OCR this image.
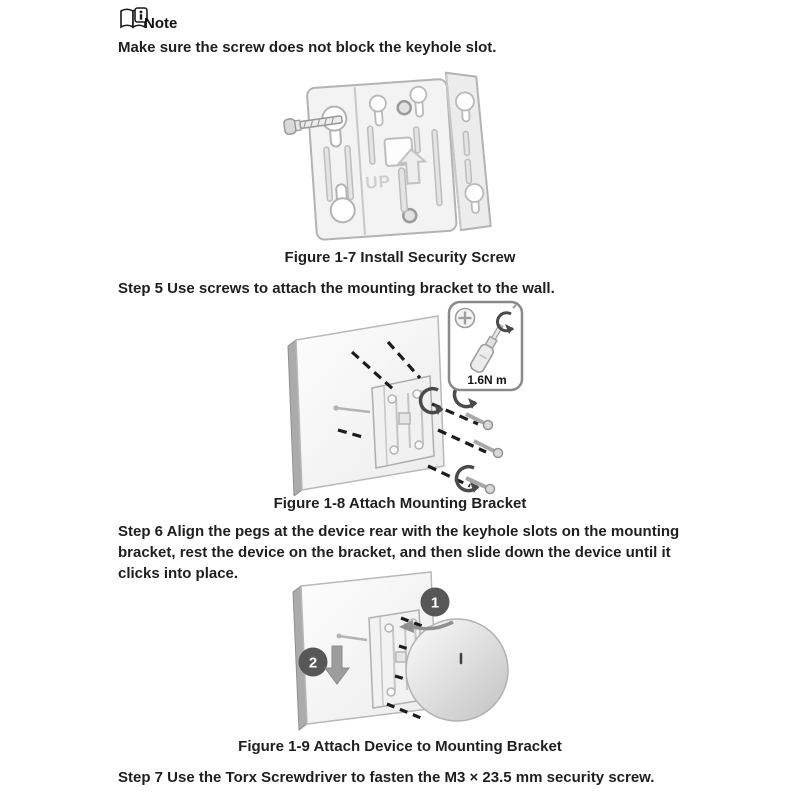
Note
Make sure the screw does not block the keyhole slot.
UP
Figure 1-7 Install Security Screw
Step 5 Use screws to attach the mounting bracket to the wall.
1.6N m
Figure 1-8 Attach Mounting Bracket
Step 6 Align the pegs at the device rear with the keyhole slots on the mounting bracket, rest the device on the bracket, and then slide down the device until it clicks into place.
1
2
Figure 1-9 Attach Device to Mounting Bracket
Step 7 Use the Torx Screwdriver to fasten the M3 × 23.5 mm security screw.
